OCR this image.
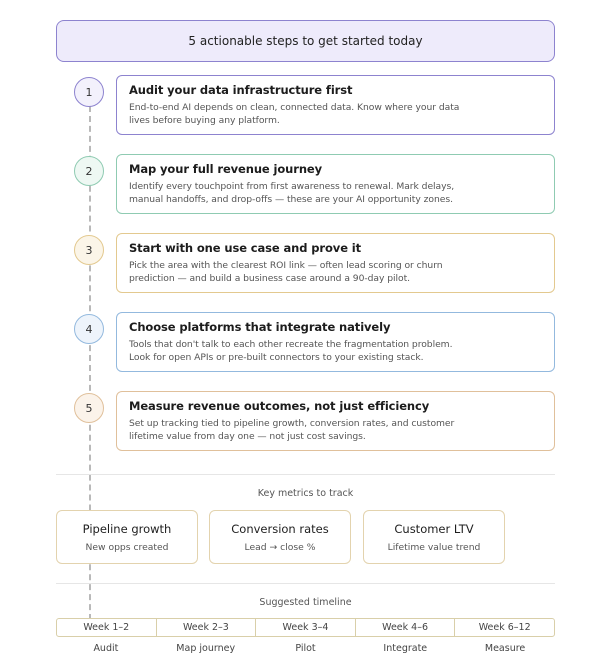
5 actionable steps to get started today
1	Audit your data infrastructure first
End-to-end AI depends on clean, connected data. Know where your data
lives before buying any platform.
2	Map your full revenue journey
Identify every touchpoint from first awareness to renewal. Mark delays,
manual handoffs, and drop-offs — these are your AI opportunity zones.
3	Start with one use case and prove it
Pick the area with the clearest ROI link — often lead scoring or churn
prediction — and build a business case around a 90-day pilot.
4	Choose platforms that integrate natively
Tools that don't talk to each other recreate the fragmentation problem.
Look for open APIs or pre-built connectors to your existing stack.
5	Measure revenue outcomes, not just efficiency
Set up tracking tied to pipeline growth, conversion rates, and customer
lifetime value from day one — not just cost savings.
Key metrics to track
Pipeline growth
New opps created
Conversion rates
Lead → close %
Customer LTV
Lifetime value trend
Suggested timeline
Week 1–2	Week 2–3	Week 3–4	Week 4–6	Week 6–12
Audit	Map journey	Pilot	Integrate	Measure
